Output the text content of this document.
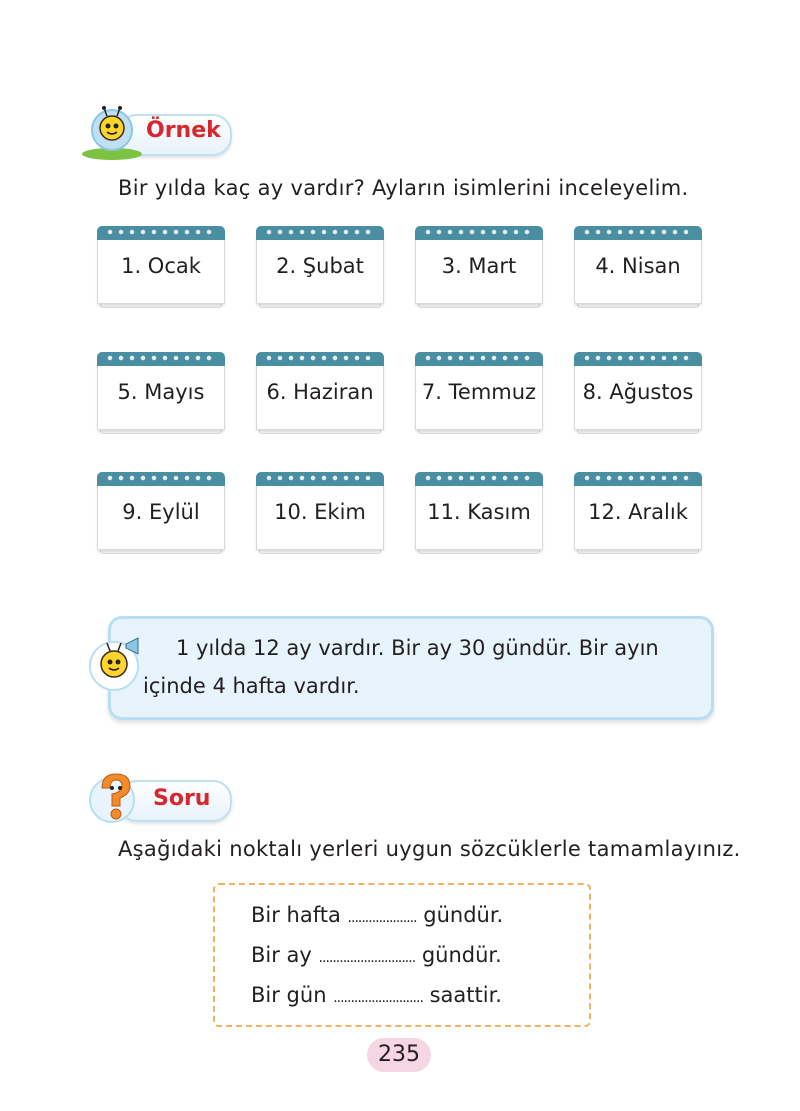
Örnek
Bir yılda kaç ay vardır? Ayların isimlerini inceleyelim.
1. Ocak	2. Şubat	3. Mart	4. Nisan
5. Mayıs	6. Haziran	7. Temmuz	8. Ağustos
9. Eylül	10. Ekim	11. Kasım	12. Aralık
1 yılda 12 ay vardır. Bir ay 30 gündür. Bir ayın
içinde 4 hafta vardır.
Soru
Aşağıdaki noktalı yerleri uygun sözcüklerle tamamlayınız.
Bir hafta .................... gündür.
Bir ay ............................ gündür.
Bir gün .......................... saattir.
235
